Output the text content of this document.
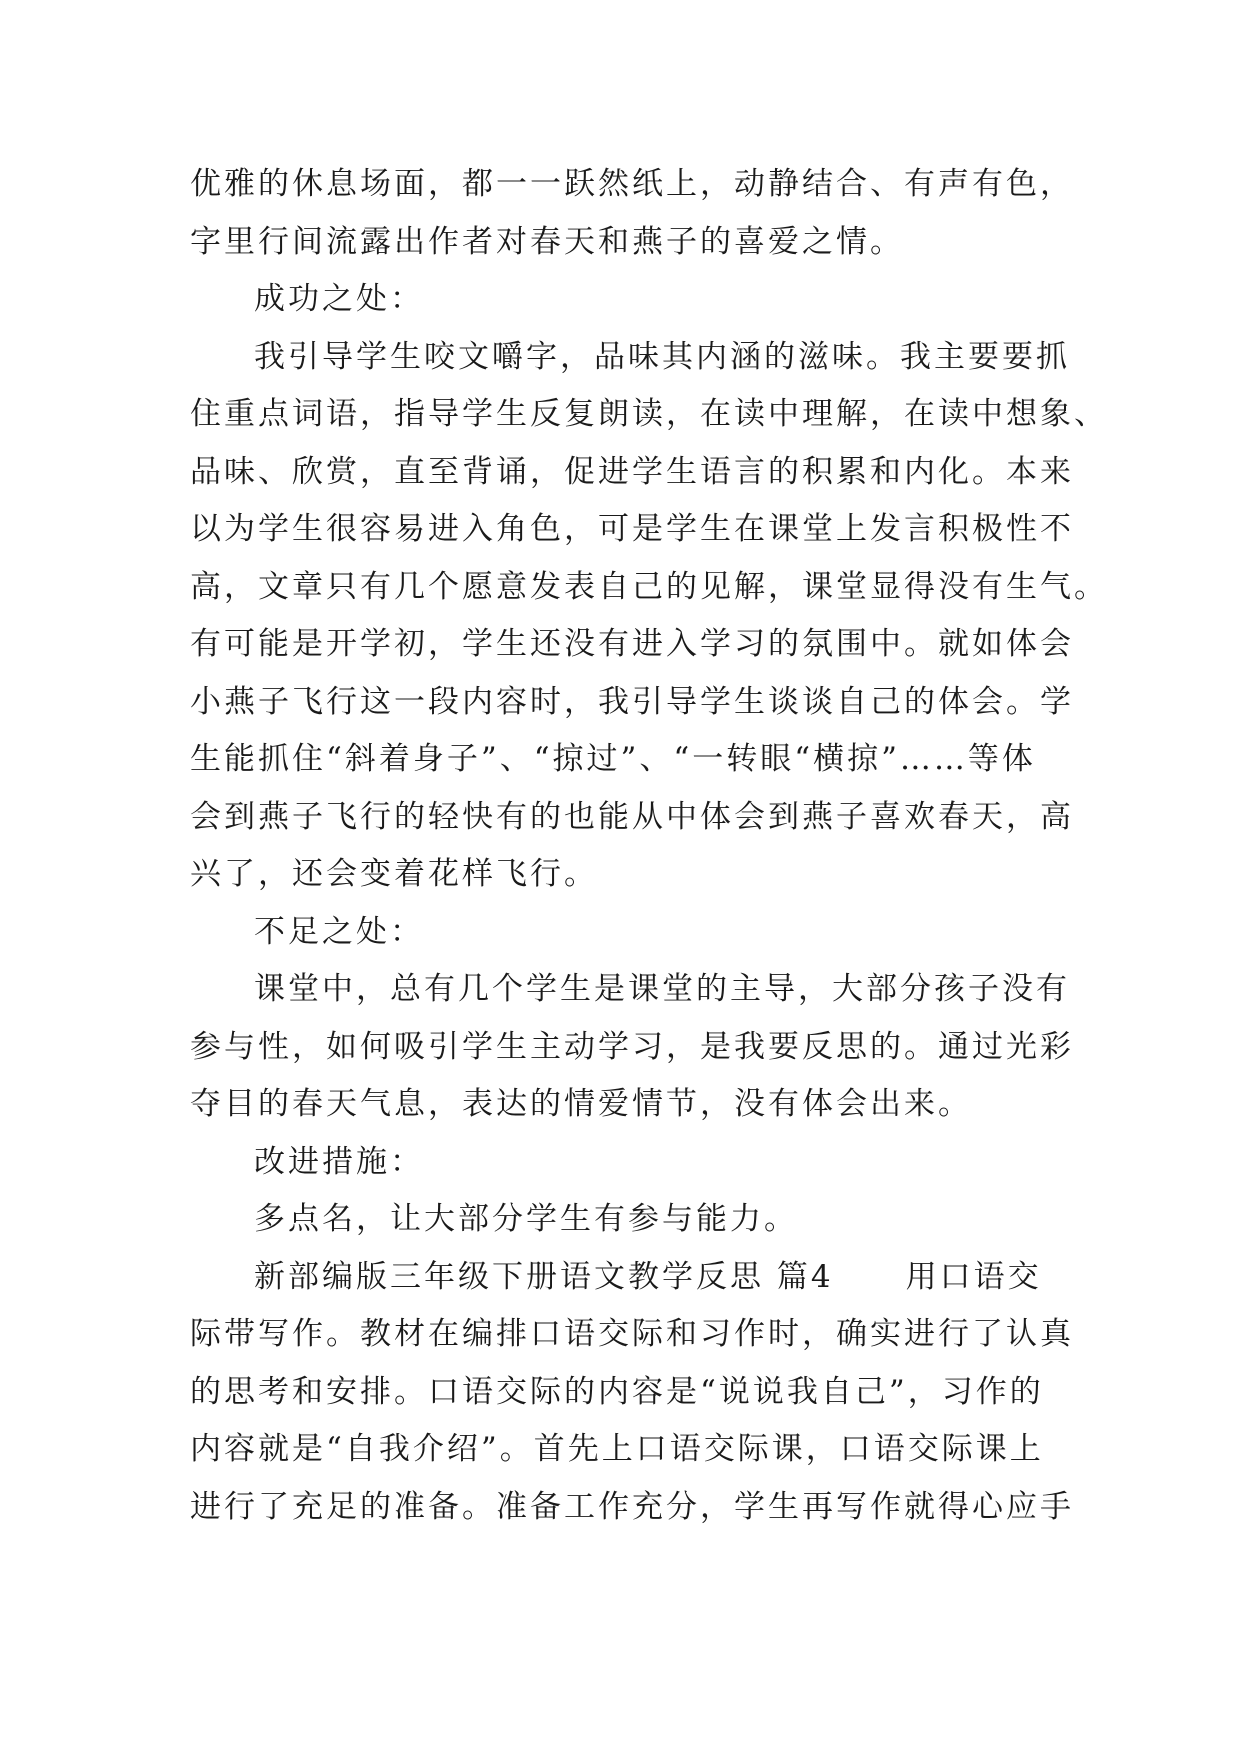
优雅的休息场面，都一一跃然纸上，动静结合、有声有色，
字里行间流露出作者对春天和燕子的喜爱之情。
成功之处：
我引导学生咬文嚼字，品味其内涵的滋味。我主要要抓
住重点词语，指导学生反复朗读，在读中理解，在读中想象、
品味、欣赏，直至背诵，促进学生语言的积累和内化。本来
以为学生很容易进入角色，可是学生在课堂上发言积极性不
高，文章只有几个愿意发表自己的见解，课堂显得没有生气。
有可能是开学初，学生还没有进入学习的氛围中。就如体会
小燕子飞行这一段内容时，我引导学生谈谈自己的体会。学
生能抓住“斜着身子”、“掠过”、“一转眼“横掠”……等体
会到燕子飞行的轻快有的也能从中体会到燕子喜欢春天，高
兴了，还会变着花样飞行。
不足之处：
课堂中，总有几个学生是课堂的主导，大部分孩子没有
参与性，如何吸引学生主动学习，是我要反思的。通过光彩
夺目的春天气息，表达的情爱情节，没有体会出来。
改进措施：
多点名，让大部分学生有参与能力。
新部编版三年级下册语文教学反思 篇4 用口语交
际带写作。教材在编排口语交际和习作时，确实进行了认真
的思考和安排。口语交际的内容是“说说我自己”，习作的
内容就是“自我介绍”。首先上口语交际课，口语交际课上
进行了充足的准备。准备工作充分，学生再写作就得心应手
